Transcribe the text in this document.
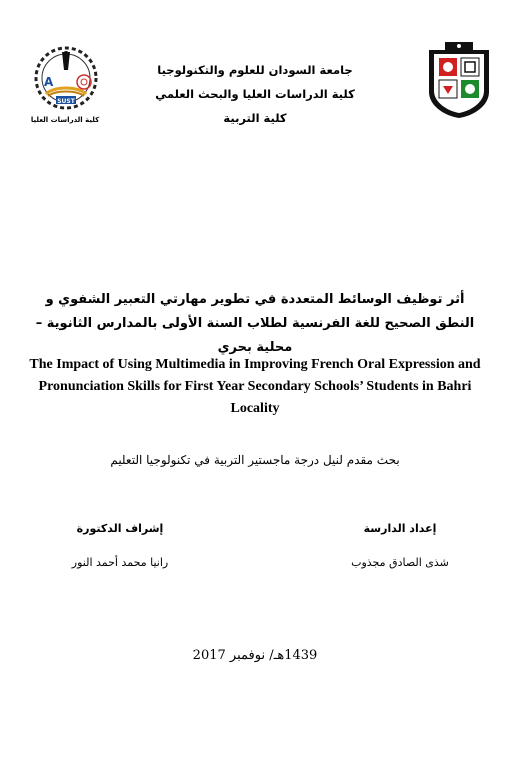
SUST
A
كلية الدراسات العليا
جامعة السودان للعلوم والتكنولوجيا
كلية الدراسات العليا والبحث العلمي
كلية التربية
أثر توظيف الوسائط المتعددة في تطوير مهارتي التعبير الشفوي و النطق الصحيح للغة الفرنسية لطلاب السنة الأولى بالمدارس الثانوية – محلية بحري
The Impact of Using Multimedia in Improving French Oral Expression and Pronunciation Skills for First Year Secondary Schools’ Students in Bahri Locality
بحث مقدم لنيل درجة ماجستير التربية في تكنولوجيا التعليم
إعداد الدارسة
شذى الصادق مجذوب
إشراف الدكتورة
رانيا محمد أحمد النور
1439هـ/ نوفمبر 2017
